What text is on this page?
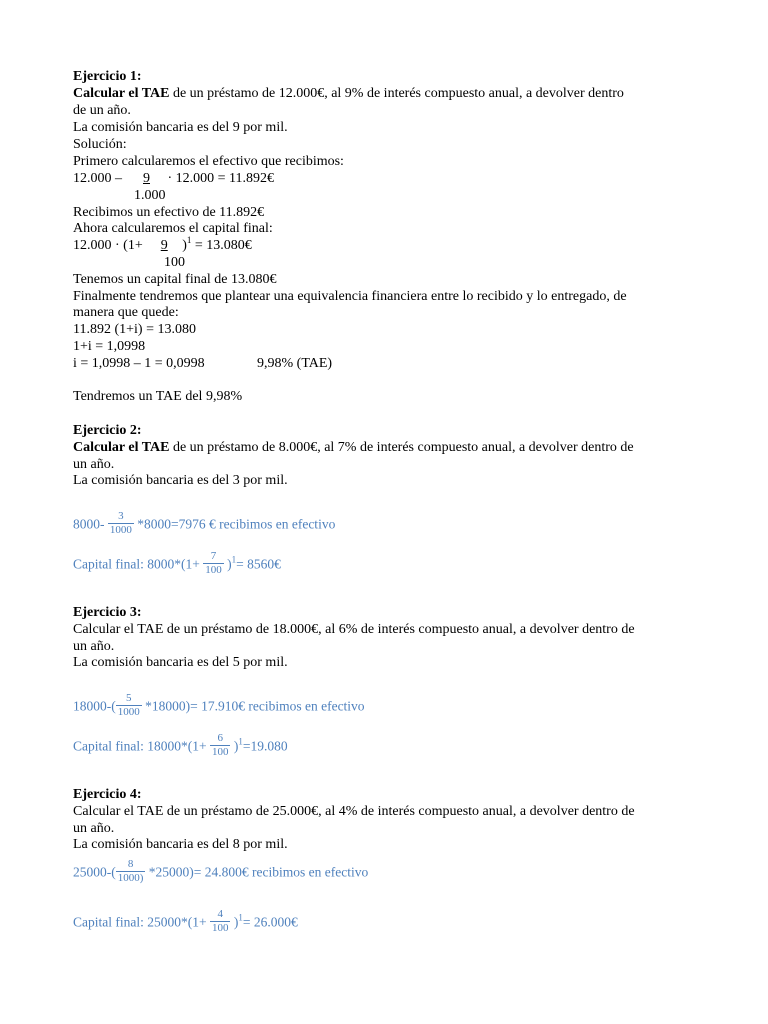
Ejercicio 1:
Calcular el TAE de un préstamo de 12.000€, al 9% de interés compuesto anual, a devolver dentro
de un año.
La comisión bancaria es del 9 por mil.
Solución:
Primero calcularemos el efectivo que recibimos:
12.000 – 9 · 12.000 = 11.892€
1.000
Recibimos un efectivo de 11.892€
Ahora calcularemos el capital final:
12.000 · (1+ 9 )$^1$ = 13.080€
100
Tenemos un capital final de 13.080€
Finalmente tendremos que plantear una equivalencia financiera entre lo recibido y lo entregado, de
manera que quede:
11.892 (1+i) = 13.080
1+i = 1,0998
i = 1,0998 – 1 = 0,0998	9,98% (TAE)
Tendremos un TAE del 9,98%
Ejercicio 2:
Calcular el TAE de un préstamo de 8.000€, al 7% de interés compuesto anual, a devolver dentro de
un año.
La comisión bancaria es del 3 por mil.
$8000- \frac{3}{1000} *8000=7976$ € recibimos en efectivo
Capital final: $8000*(1+ \frac{7}{100} )^1=$ 8560€
Ejercicio 3:
Calcular el TAE de un préstamo de 18.000€, al 6% de interés compuesto anual, a devolver dentro de
un año.
La comisión bancaria es del 5 por mil.
$18000-( \frac{5}{1000} *18000)=$ 17.910€ recibimos en efectivo
Capital final: $18000*(1+ \frac{6}{100} )^1=19.080$
Ejercicio 4:
Calcular el TAE de un préstamo de 25.000€, al 4% de interés compuesto anual, a devolver dentro de
un año.
La comisión bancaria es del 8 por mil.
$25000-( \frac{8}{1000)} *25000)=$ 24.800€ recibimos en efectivo
Capital final: $25000*(1+ \frac{4}{100} )^1=$ 26.000€
